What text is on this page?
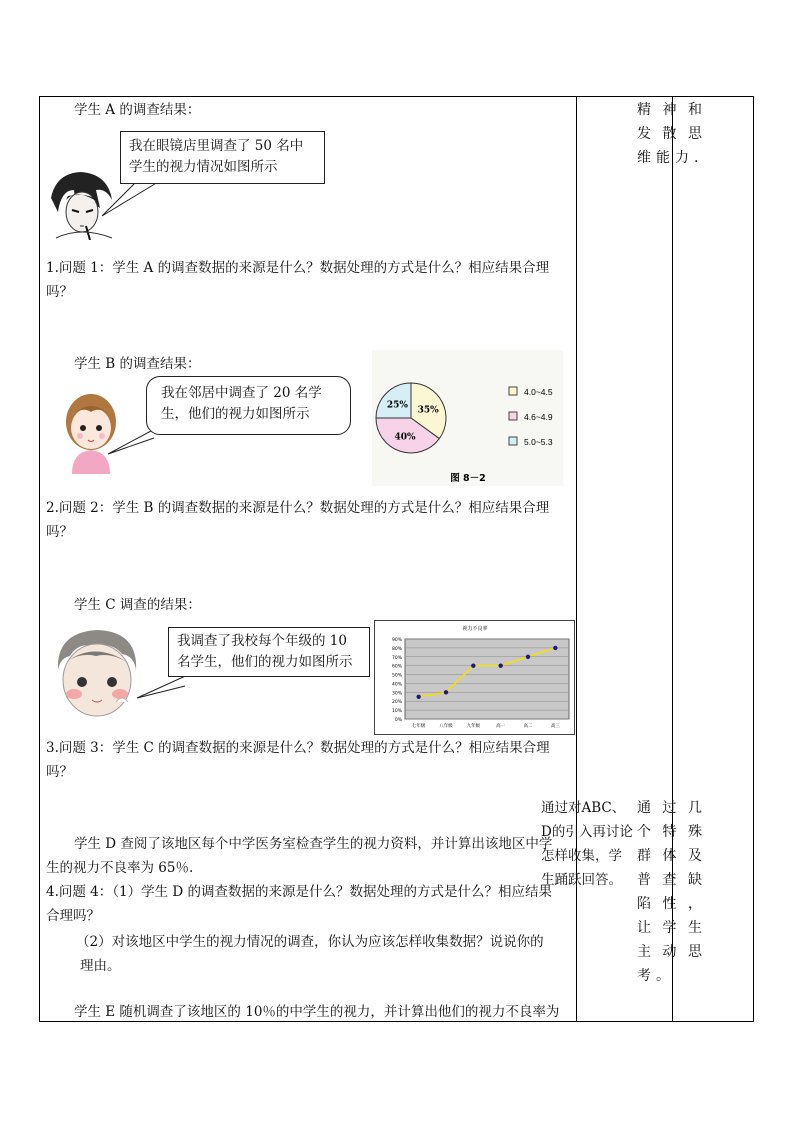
学生 A 的调查结果：
我在眼镜店里调查了 50 名中学生的视力情况如图所示
1.问题 1：学生 A 的调查数据的来源是什么？数据处理的方式是什么？相应结果合理
吗？
学生 B 的调查结果：
我在邻居中调查了 20 名学生，他们的视力如图所示	35%
40%
25%
4.0~4.5
4.6~4.9
5.0~5.3
图 8－2
2.问题 2：学生 B 的调查数据的来源是什么？数据处理的方式是什么？相应结果合理
吗？
学生 C 调查的结果：
我调查了我校每个年级的 10 名学生，他们的视力如图所示
视力不良率
0%
10%
20%
30%
40%
50%
60%
70%
80%
90%
七年级	八年级	九年级	高一	高二	高三
3.问题 3：学生 C 的调查数据的来源是什么？数据处理的方式是什么？相应结果合理
吗？
学生 D 查阅了该地区每个中学医务室检查学生的视力资料，并计算出该地区中学
生的视力不良率为 65％.
4.问题 4：（1）学生 D 的调查数据的来源是什么？数据处理的方式是什么？相应结果
合理吗？
（2）对该地区中学生的视力情况的调查，你认为应该怎样收集数据？说说你的
理由。
学生 E 随机调查了该地区的 10％的中学生的视力，并计算出他们的视力不良率为
通过对ABC、D的引入再讨论怎样收集，学生踊跃回答。
精神和发散思维能力.
通过几个特殊群体及普查缺陷性，让学生主动思考。
